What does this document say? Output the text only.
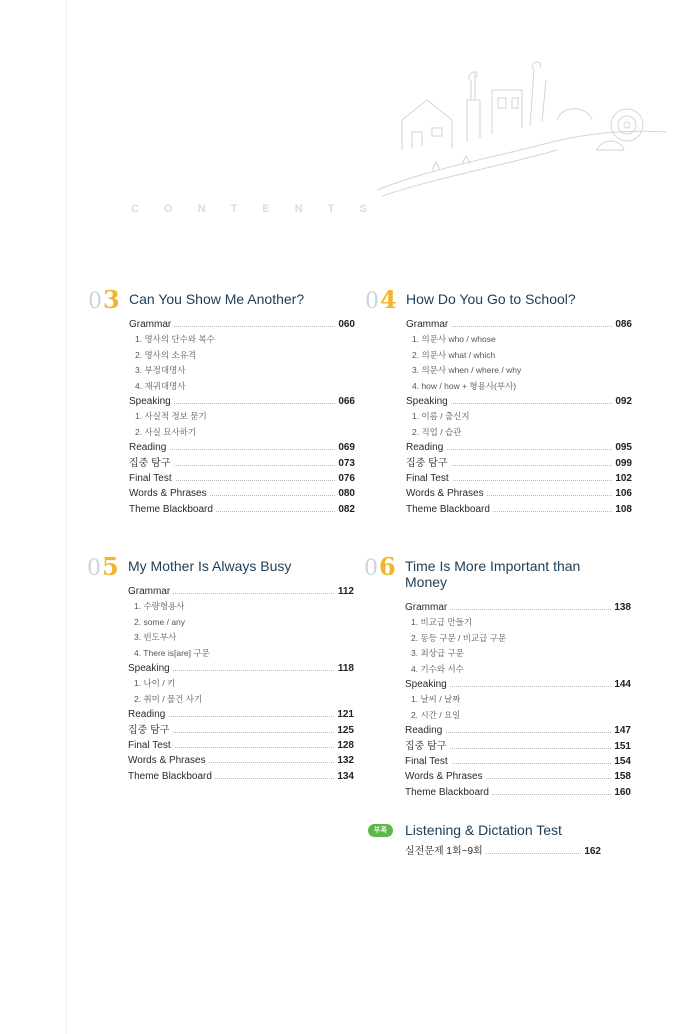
C O N T E N T S
03 Can You Show Me Another?
Grammar	060
1. 명사의 단수와 복수
2. 명사의 소유격
3. 부정대명사
4. 재귀대명사
Speaking	066
1. 사실적 정보 묻기
2. 사실 묘사하기
Reading	069
집중 탐구	073
Final Test	076
Words & Phrases	080
Theme Blackboard	082
04 How Do You Go to School?
Grammar	086
1. 의문사 who / whose
2. 의문사 what / which
3. 의문사 when / where / why
4. how / how + 형용사(부사)
Speaking	092
1. 이름 / 출신지
2. 직업 / 습관
Reading	095
집중 탐구	099
Final Test	102
Words & Phrases	106
Theme Blackboard	108
05 My Mother Is Always Busy
Grammar	112
1. 수량형용사
2. some / any
3. 빈도부사
4. There is[are] 구문
Speaking	118
1. 나이 / 키
2. 취미 / 물건 사기
Reading	121
집중 탐구	125
Final Test	128
Words & Phrases	132
Theme Blackboard	134
06 Time Is More Important than Money
Grammar	138
1. 비교급 만들기
2. 동등 구문 / 비교급 구문
3. 최상급 구문
4. 기수와 서수
Speaking	144
1. 날씨 / 날짜
2. 시간 / 요일
Reading	147
집중 탐구	151
Final Test	154
Words & Phrases	158
Theme Blackboard	160
부록	Listening & Dictation Test
실전문제 1회~9회	162
